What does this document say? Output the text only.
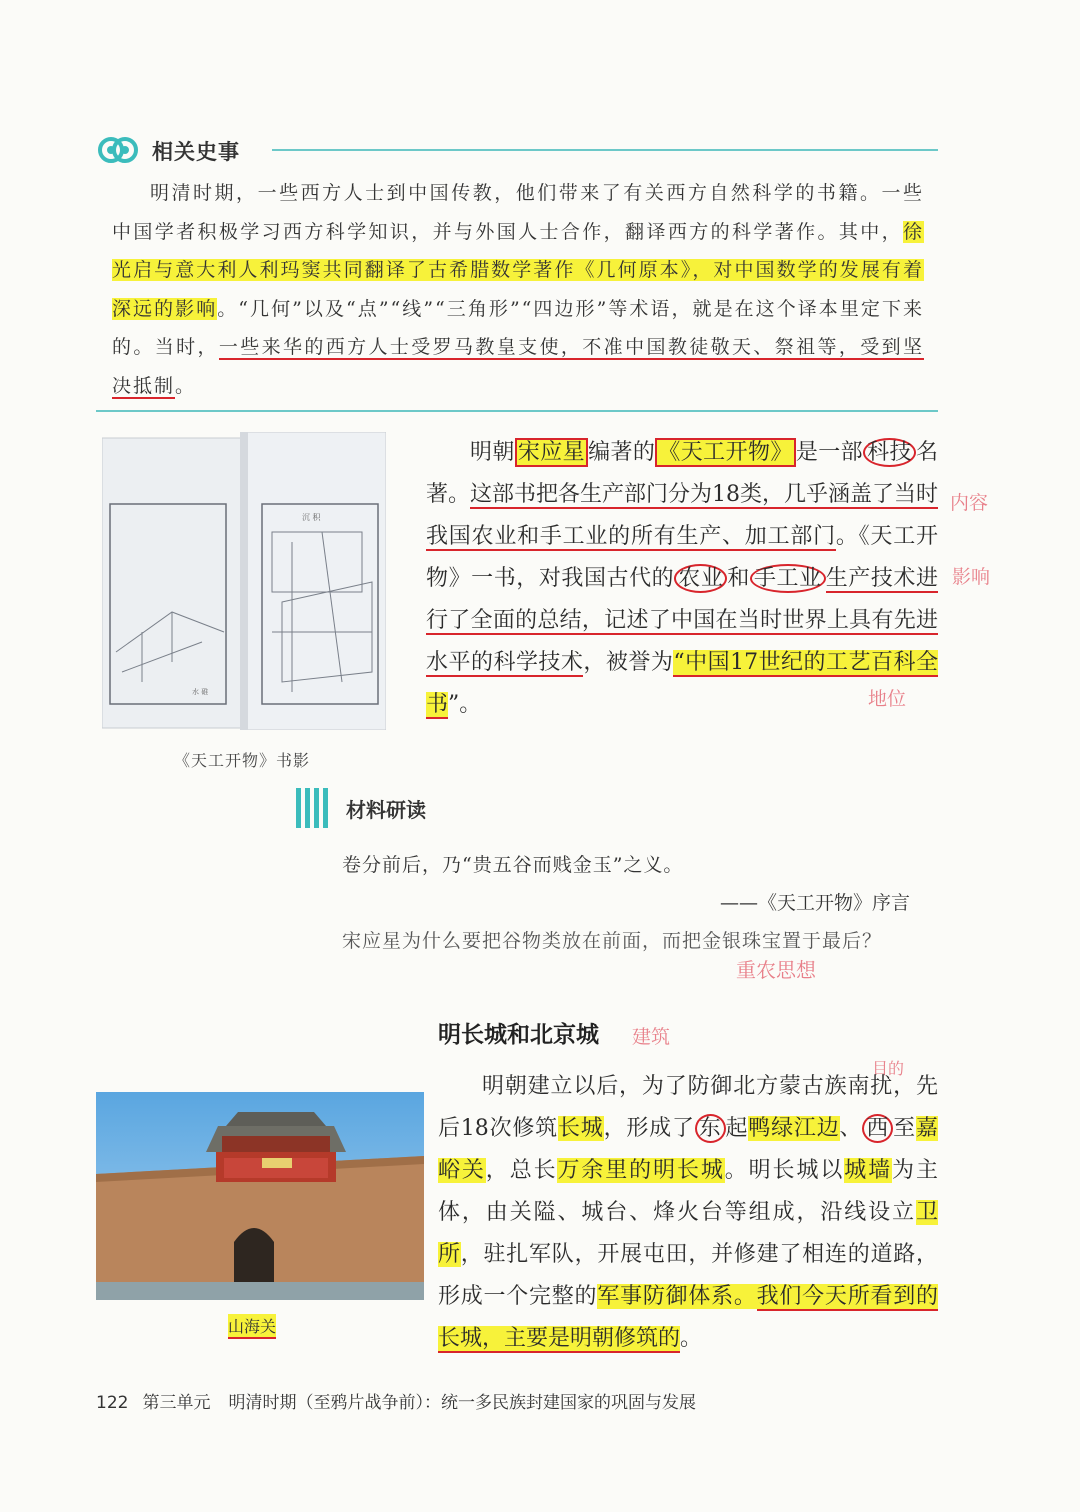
相关史事

明清时期，一些西方人士到中国传教，他们带来了有关西方自然科学的书籍。一些中国学者积极学习西方科学知识，并与外国人士合作，翻译西方的科学著作。其中，徐光启与意大利人利玛窦共同翻译了古希腊数学著作《几何原本》，对中国数学的发展有着深远的影响。“几何”以及“点”“线”“三角形”“四边形”等术语，就是在这个译本里定下来的。当时，一些来华的西方人士受罗马教皇支使，不准中国教徒敬天、祭祖等，受到坚决抵制。

水 碓
沉 积
《天工开物》书影

明朝 宋应星 编著的 《天工开物》 是一部 科技 名著。这部书把各生产部门分为18类，几乎涵盖了当时我国农业和手工业的所有生产、加工部门。《天工开物》一书，对我国古代的 农业 和 手工业 生产技术进行了全面的总结，记述了中国在当时世界上具有先进水平的科学技术，被誉为“中国17世纪的工艺百科全书”。

内容
影响
地位
材料研读
卷分前后，乃“贵五谷而贱金玉”之义。
——《天工开物》序言
宋应星为什么要把谷物类放在前面，而把金银珠宝置于最后？
重农思想
明长城和北京城 建筑
目的
山海关

明朝建立以后，为了防御北方蒙古族南扰，先后18次修筑长城，形成了 东 起鸭绿江边、 西 至嘉峪关，总长万余里的明长城。明长城以城墙为主体，由关隘、城台、烽火台等组成，沿线设立卫所，驻扎军队，开展屯田，并修建了相连的道路，形成一个完整的军事防御体系。我们今天所看到的长城，主要是明朝修筑的。

122 第三单元 明清时期（至鸦片战争前）：统一多民族封建国家的巩固与发展
